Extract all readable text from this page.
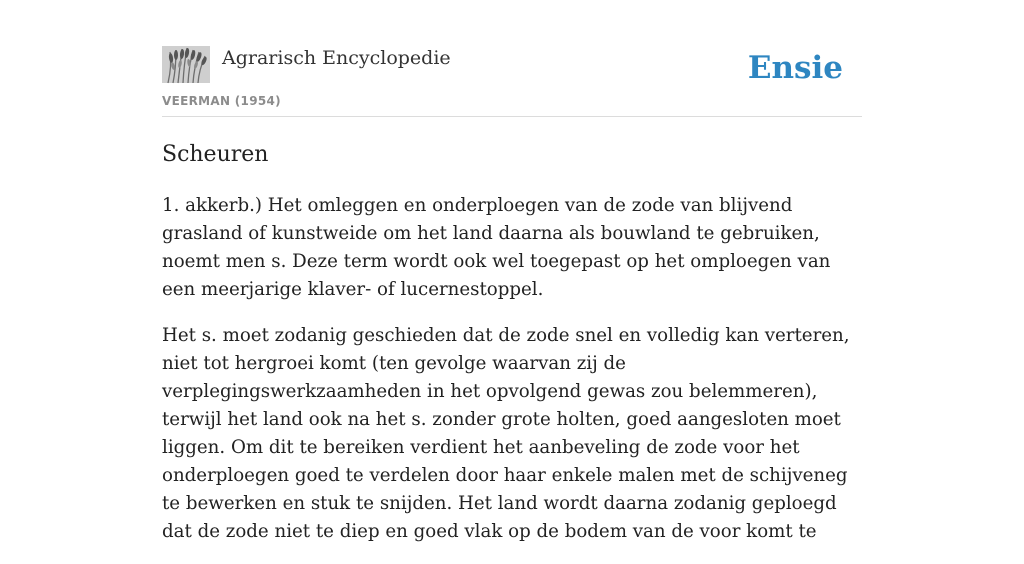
Agrarisch Encyclopedie
VEERMAN (1954)
Ensie
Scheuren

1. akkerb.) Het omleggen en onderploegen van de zode van blijvend grasland of kunstweide om het land daarna als bouwland te gebruiken, noemt men s. Deze term wordt ook wel toegepast op het omploegen van een meerjarige klaver- of lucernestoppel.

Het s. moet zodanig geschieden dat de zode snel en volledig kan verteren, niet tot hergroei komt (ten gevolge waarvan zij de verplegingswerkzaamheden in het opvolgend gewas zou belemmeren), terwijl het land ook na het s. zonder grote holten, goed aangesloten moet liggen. Om dit te bereiken verdient het aanbeveling de zode voor het onderploegen goed te verdelen door haar enkele malen met de schijveneg te bewerken en stuk te snijden. Het land wordt daarna zodanig geploegd dat de zode niet te diep en goed vlak op de bodem van de voor komt te
